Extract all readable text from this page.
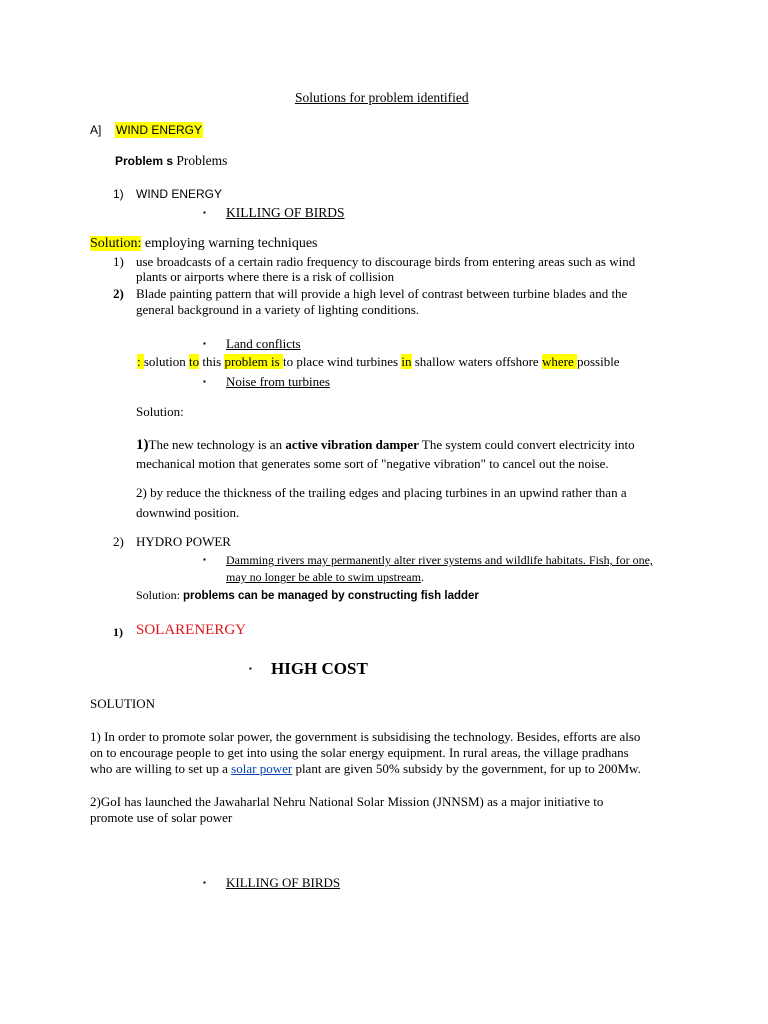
Solutions for problem identified
A] WIND ENERGY
Problem s Problems
1) WIND ENERGY
▪ KILLING OF BIRDS
Solution: employing warning techniques
1) use broadcasts of a certain radio frequency to discourage birds from entering areas such as wind
plants or airports where there is a risk of collision
2) Blade painting pattern that will provide a high level of contrast between turbine blades and the
general background in a variety of lighting conditions.
▪ Land conflicts
: solution to this problem is to place wind turbines in shallow waters offshore where possible
▪ Noise from turbines
Solution:
1)The new technology is an active vibration damper The system could convert electricity into
mechanical motion that generates some sort of "negative vibration" to cancel out the noise.
2) by reduce the thickness of the trailing edges and placing turbines in an upwind rather than a
downwind position.
2) HYDRO POWER
▪ Damming rivers may permanently alter river systems and wildlife habitats. Fish, for one,
may no longer be able to swim upstream.
Solution: problems can be managed by constructing fish ladder
1) SOLARENERGY
▪ HIGH COST
SOLUTION
1) In order to promote solar power, the government is subsidising the technology. Besides, efforts are also
on to encourage people to get into using the solar energy equipment. In rural areas, the village pradhans
who are willing to set up a solar power plant are given 50% subsidy by the government, for up to 200Mw.
2)GoI has launched the Jawaharlal Nehru National Solar Mission (JNNSM) as a major initiative to
promote use of solar power
▪ KILLING OF BIRDS
